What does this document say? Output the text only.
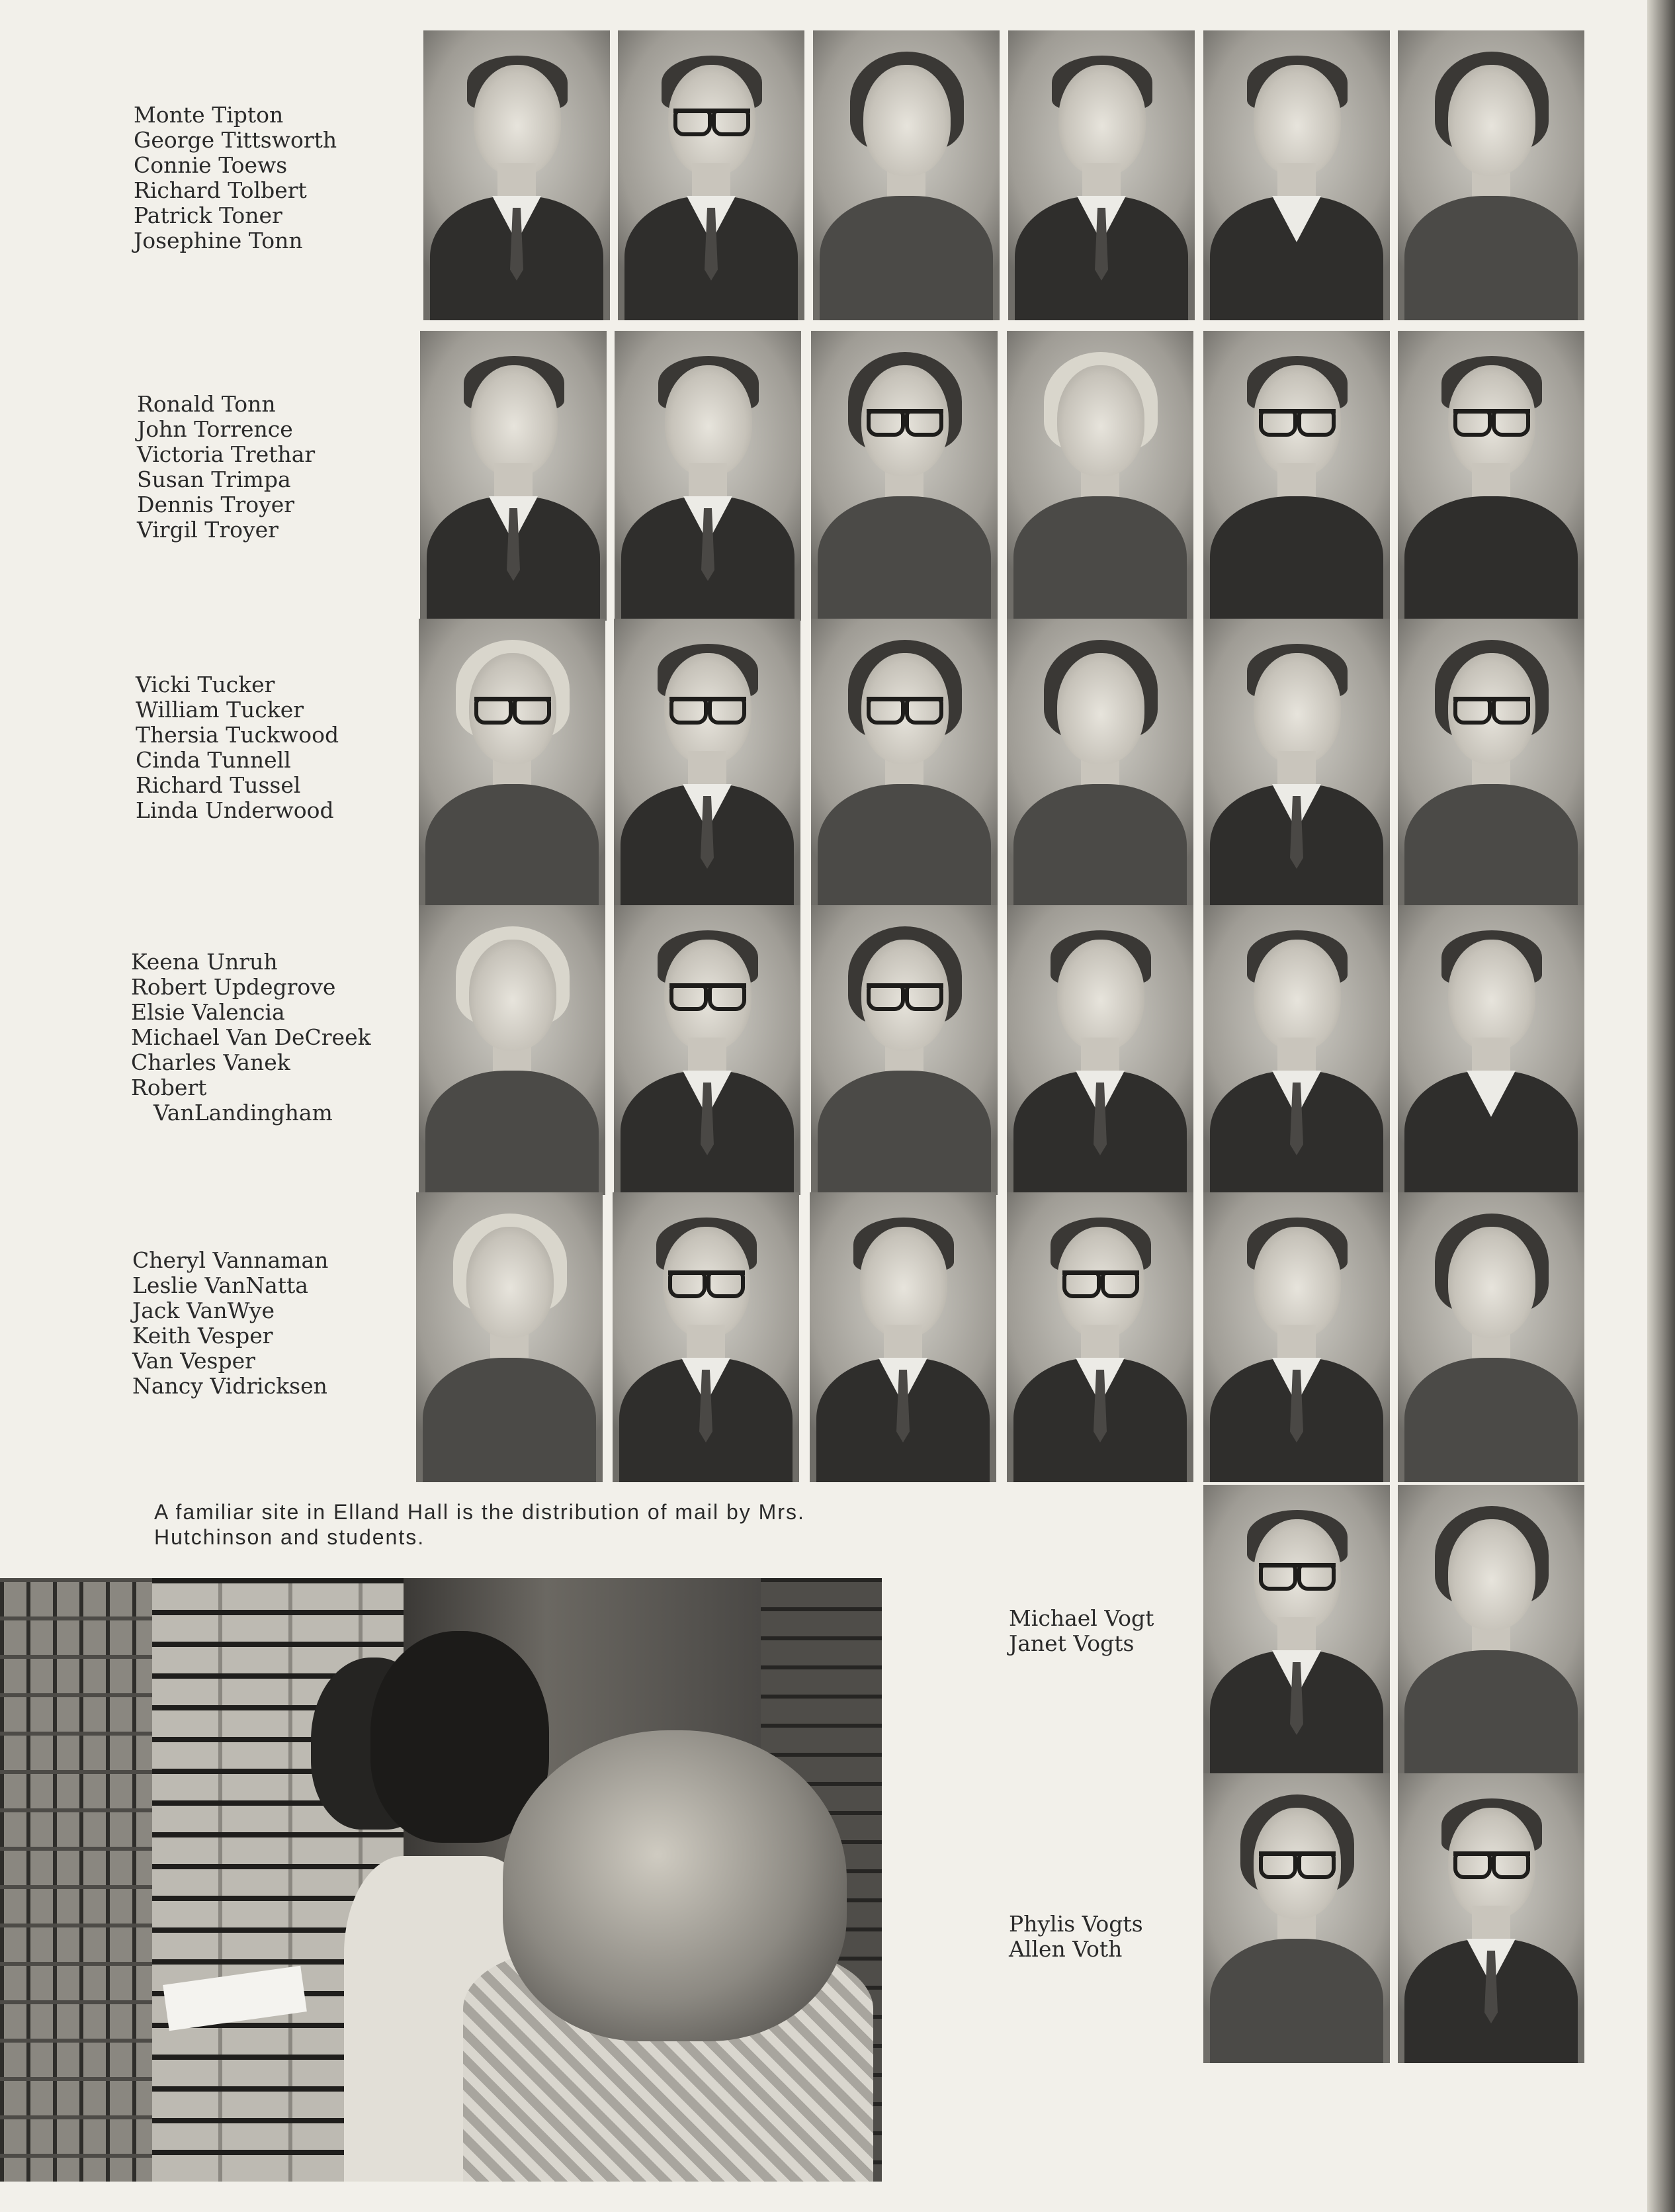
Monte Tipton
George Tittsworth
Connie Toews
Richard Tolbert
Patrick Toner
Josephine Tonn
Ronald Tonn
John Torrence
Victoria Trethar
Susan Trimpa
Dennis Troyer
Virgil Troyer
Vicki Tucker
William Tucker
Thersia Tuckwood
Cinda Tunnell
Richard Tussel
Linda Underwood
Keena Unruh
Robert Updegrove
Elsie Valencia
Michael Van DeCreek
Charles Vanek
Robert
VanLandingham
Cheryl Vannaman
Leslie VanNatta
Jack VanWye
Keith Vesper
Van Vesper
Nancy Vidricksen

A familiar site in Elland Hall is the distribution of mail by Mrs. Hutchinson and students.

Michael Vogt
Janet Vogts
Phylis Vogts
Allen Voth
